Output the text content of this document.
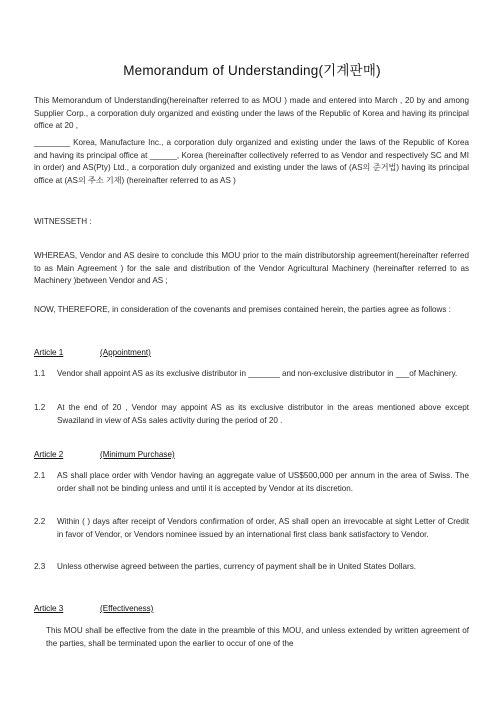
Memorandum of Understanding(기계판매)
This Memorandum of Understanding(hereinafter referred to as MOU ) made and entered into March , 20 by and among Supplier Corp., a corporation duly organized and existing under the laws of the Republic of Korea and having its principal office at 20 ,
________ Korea, Manufacture Inc., a corporation duly organized and existing under the laws of the Republic of Korea and having its principal office at ______, Korea (hereinafter collectively referred to as Vendor and respectively SC and MI in order) and AS(Pty) Ltd., a corporation duly organized and existing under the laws of (AS의 준거법) having its principal office at (AS의 주소 기재) (hereinafter referred to as AS )
WITNESSETH :
WHEREAS, Vendor and AS desire to conclude this MOU prior to the main distributorship agreement(hereinafter referred to as Main Agreement ) for the sale and distribution of the Vendor Agricultural Machinery (hereinafter referred to as Machinery )between Vendor and AS ;
NOW, THEREFORE, in consideration of the covenants and premises contained herein, the parties agree as follows :
Article 1	(Appointment)
1.1 Vendor shall appoint AS as its exclusive distributor in _______ and non-exclusive distributor in ___of Machinery.
1.2 At the end of 20 , Vendor may appoint AS as its exclusive distributor in the areas mentioned above except Swaziland in view of ASs sales activity during the period of 20 .
Article 2	(Minimum Purchase)
2.1 AS shall place order with Vendor having an aggregate value of US$500,000 per annum in the area of Swiss. The order shall not be binding unless and until it is accepted by Vendor at its discretion.
2.2 Within ( ) days after receipt of Vendors confirmation of order, AS shall open an irrevocable at sight Letter of Credit in favor of Vendor, or Vendors nominee issued by an international first class bank satisfactory to Vendor.
2.3 Unless otherwise agreed between the parties, currency of payment shall be in United States Dollars.
Article 3	(Effectiveness)
This MOU shall be effective from the date in the preamble of this MOU, and unless extended by written agreement of the parties, shall be terminated upon the earlier to occur of one of the
